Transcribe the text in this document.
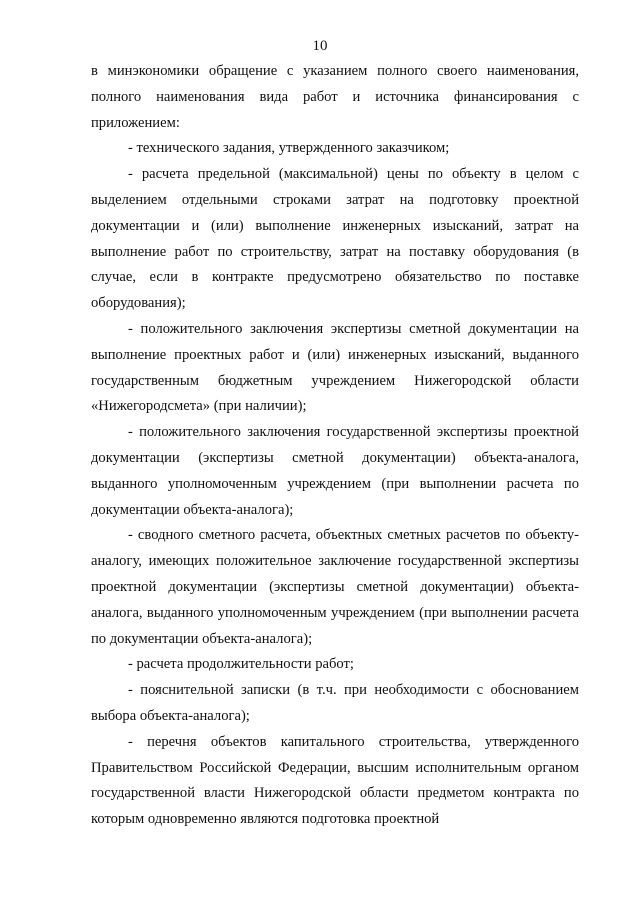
10

в минэкономики обращение с указанием полного своего наименования, полного наименования вида работ и источника финансирования с приложением:

- технического задания, утвержденного заказчиком;

- расчета предельной (максимальной) цены по объекту в целом с выделением отдельными строками затрат на подготовку проектной документации и (или) выполнение инженерных изысканий, затрат на выполнение работ по строительству, затрат на поставку оборудования (в случае, если в контракте предусмотрено обязательство по поставке оборудования);

- положительного заключения экспертизы сметной документации на выполнение проектных работ и (или) инженерных изысканий, выданного государственным бюджетным учреждением Нижегородской области «Нижегородсмета» (при наличии);

- положительного заключения государственной экспертизы проектной документации (экспертизы сметной документации) объекта-аналога, выданного уполномоченным учреждением (при выполнении расчета по документации объекта-аналога);

- сводного сметного расчета, объектных сметных расчетов по объекту-аналогу, имеющих положительное заключение государственной экспертизы проектной документации (экспертизы сметной документации) объекта-аналога, выданного уполномоченным учреждением (при выполнении расчета по документации объекта-аналога);

- расчета продолжительности работ;

- пояснительной записки (в т.ч. при необходимости с обоснованием выбора объекта-аналога);

- перечня объектов капитального строительства, утвержденного Правительством Российской Федерации, высшим исполнительным органом государственной власти Нижегородской области предметом контракта по которым одновременно являются подготовка проектной
